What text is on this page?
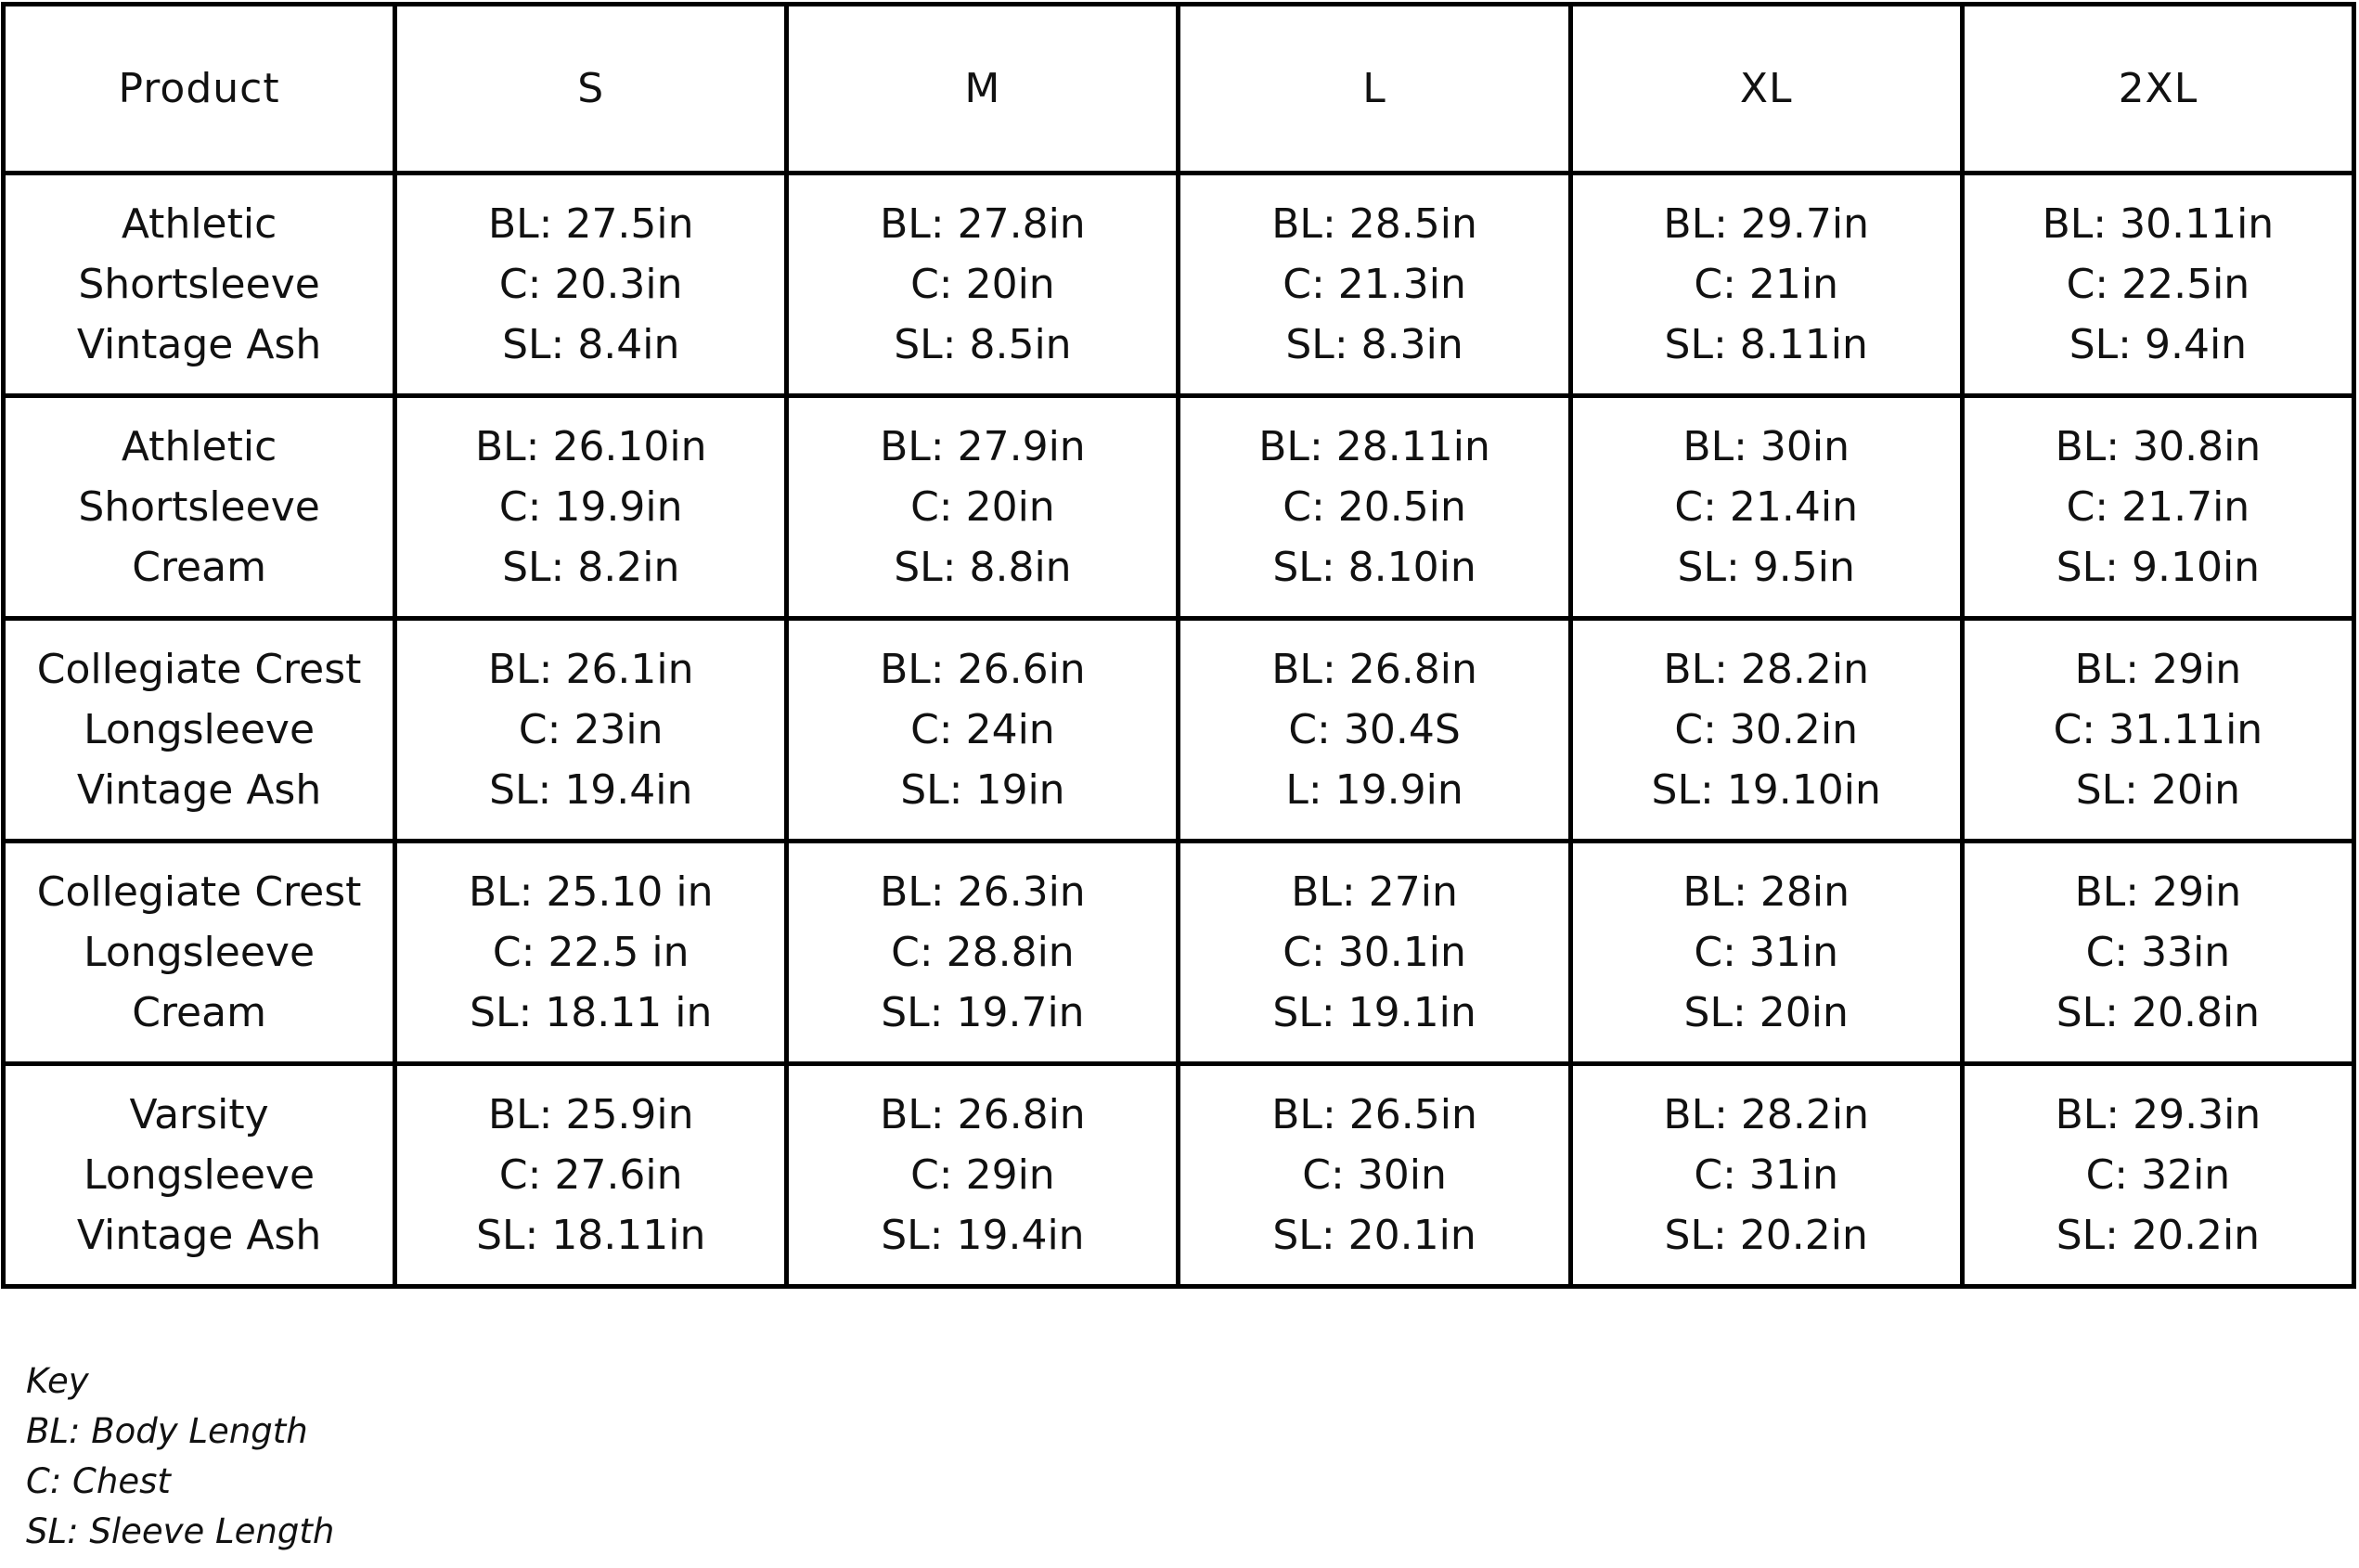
Product	S	M	L	XL	2XL

Athletic
Shortsleeve
Vintage Ash	BL: 27.5in
C: 20.3in
SL: 8.4in	BL: 27.8in
C: 20in
SL: 8.5in	BL: 28.5in
C: 21.3in
SL: 8.3in	BL: 29.7in
C: 21in
SL: 8.11in	BL: 30.11in
C: 22.5in
SL: 9.4in

Athletic
Shortsleeve
Cream	BL: 26.10in
C: 19.9in
SL: 8.2in	BL: 27.9in
C: 20in
SL: 8.8in	BL: 28.11in
C: 20.5in
SL: 8.10in	BL: 30in
C: 21.4in
SL: 9.5in	BL: 30.8in
C: 21.7in
SL: 9.10in

Collegiate Crest
Longsleeve
Vintage Ash	BL: 26.1in
C: 23in
SL: 19.4in	BL: 26.6in
C: 24in
SL: 19in	BL: 26.8in
C: 30.4S
L: 19.9in	BL: 28.2in
C: 30.2in
SL: 19.10in	BL: 29in
C: 31.11in
SL: 20in

Collegiate Crest
Longsleeve
Cream	BL: 25.10 in
C: 22.5 in
SL: 18.11 in	BL: 26.3in
C: 28.8in
SL: 19.7in	BL: 27in
C: 30.1in
SL: 19.1in	BL: 28in
C: 31in
SL: 20in	BL: 29in
C: 33in
SL: 20.8in

Varsity
Longsleeve
Vintage Ash	BL: 25.9in
C: 27.6in
SL: 18.11in	BL: 26.8in
C: 29in
SL: 19.4in	BL: 26.5in
C: 30in
SL: 20.1in	BL: 28.2in
C: 31in
SL: 20.2in	BL: 29.3in
C: 32in
SL: 20.2in
Key
BL: Body Length
C: Chest
SL: Sleeve Length
